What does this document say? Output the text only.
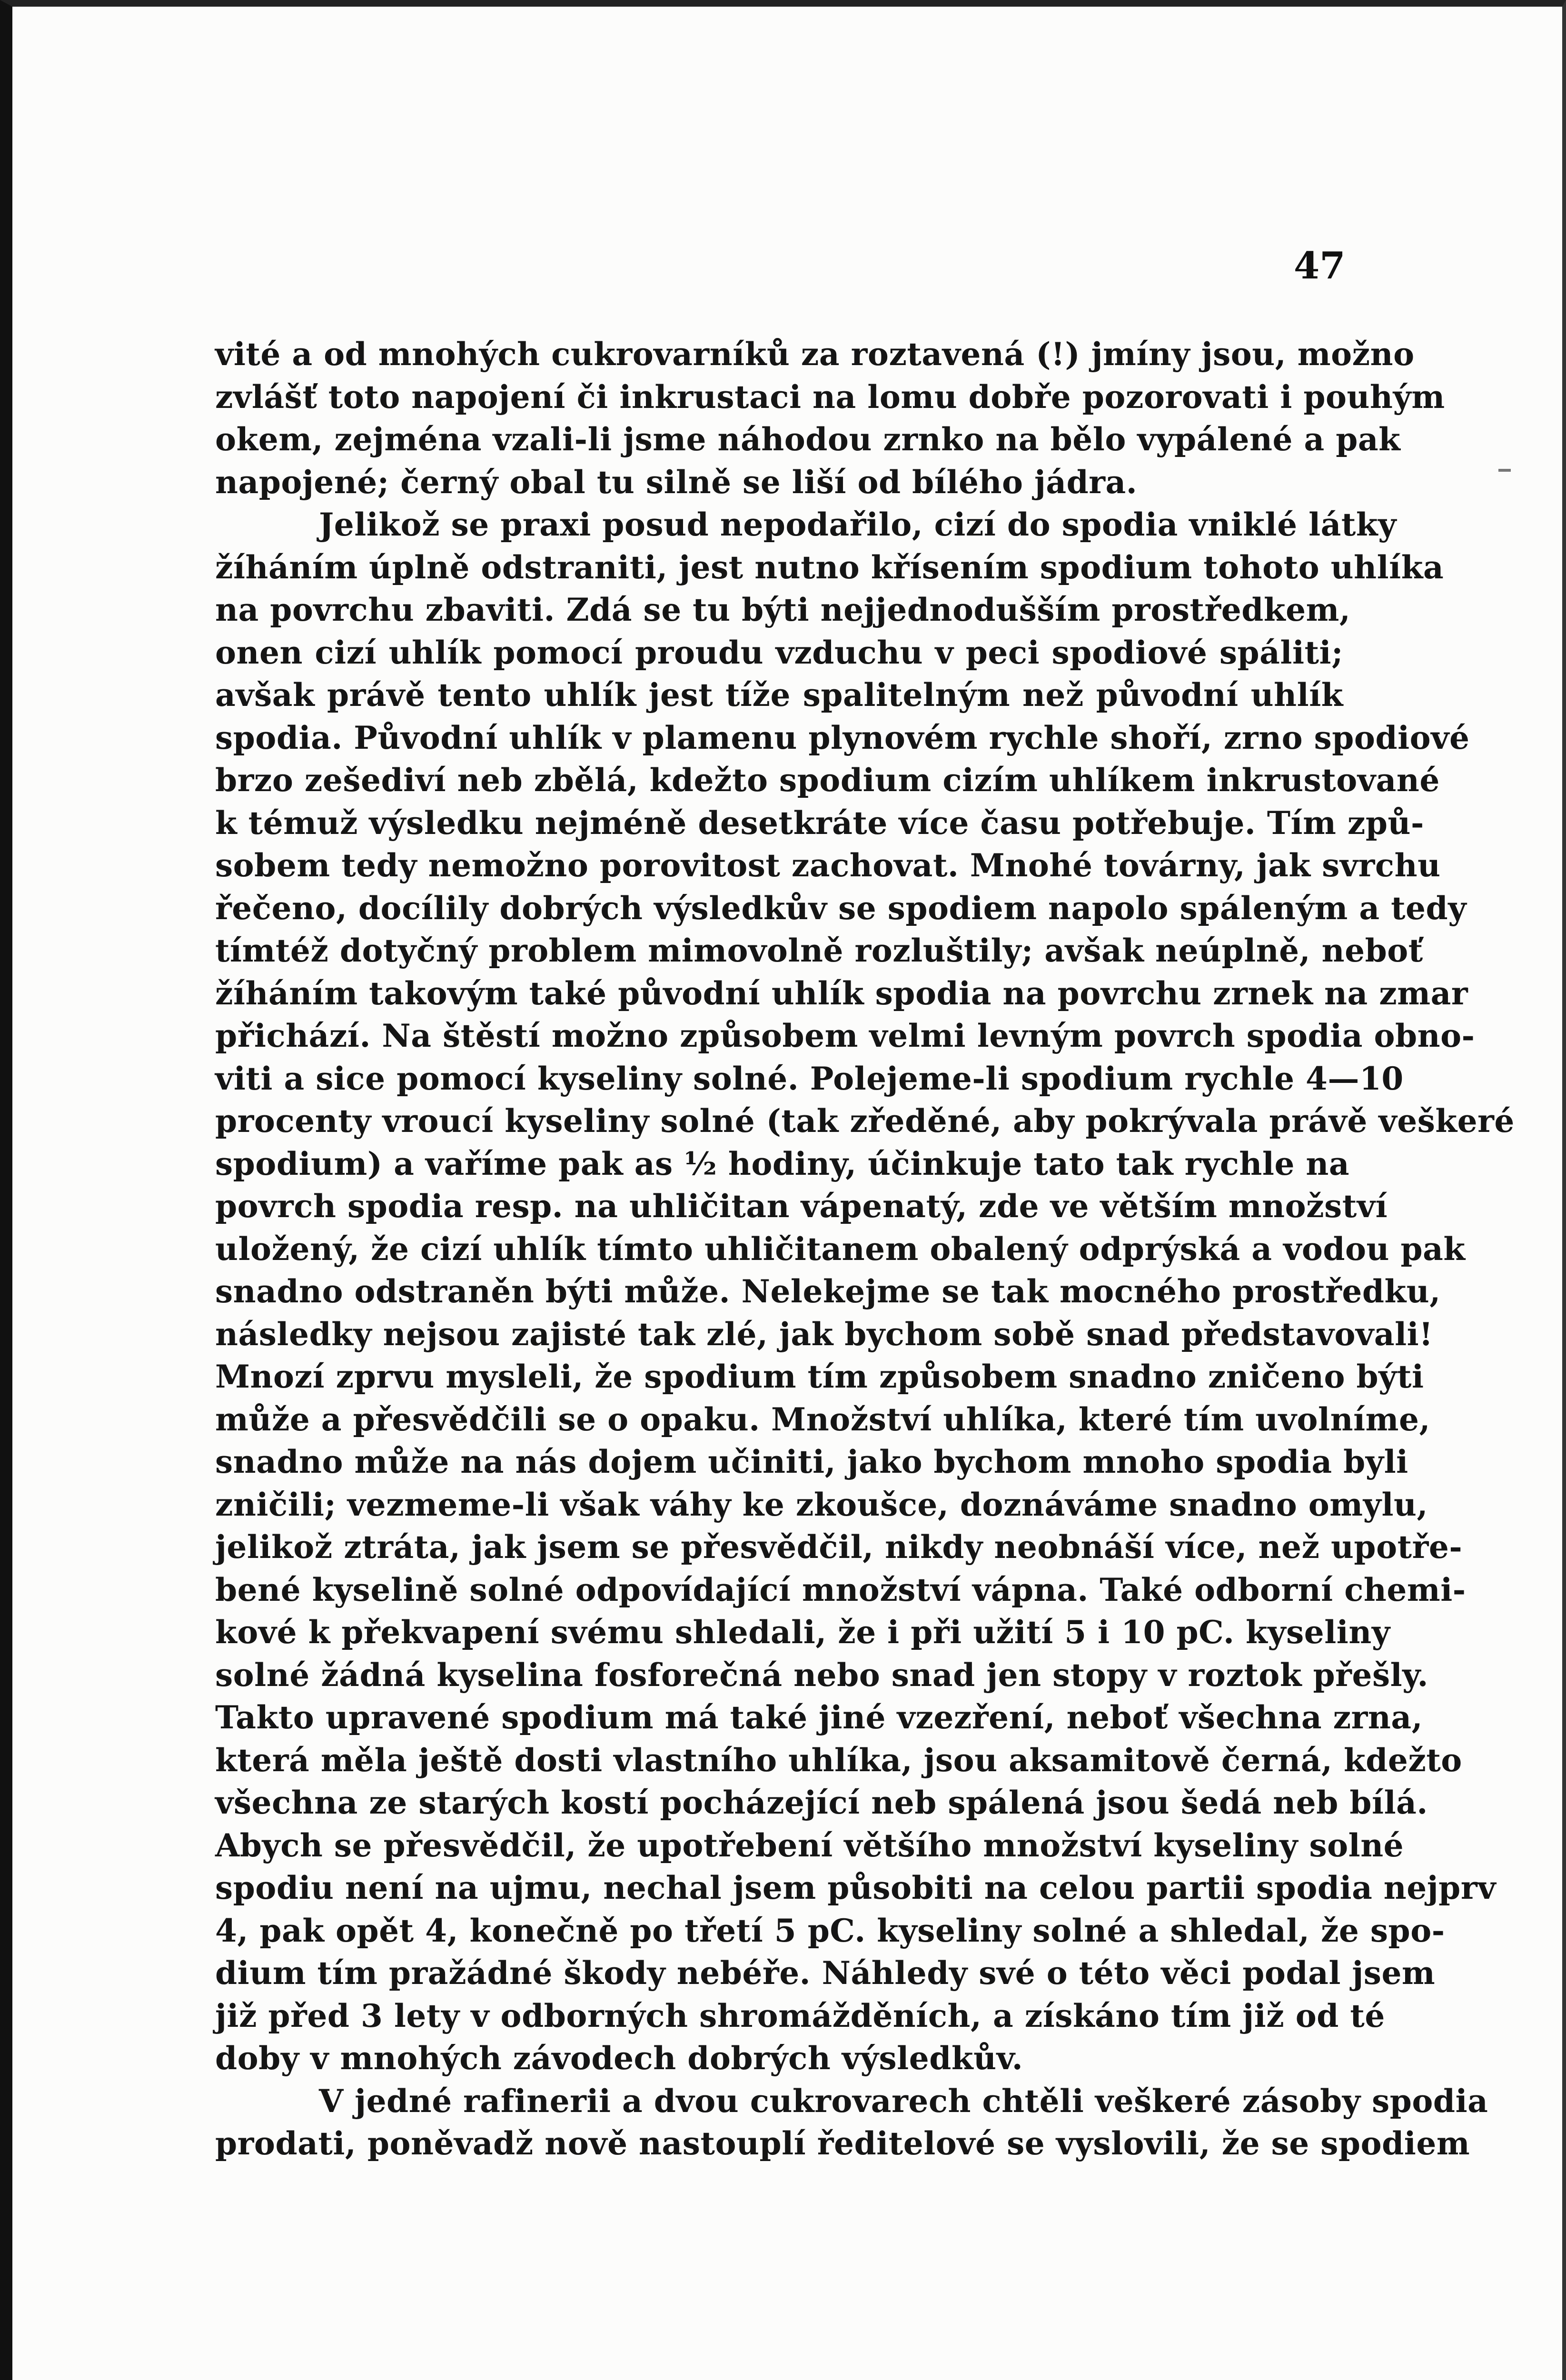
47
vité a od mnohých cukrovarníků za roztavená (!) jmíny jsou, možno
zvlášť toto napojení či inkrustaci na lomu dobře pozorovati i pouhým
okem, zejména vzali-li jsme náhodou zrnko na bělo vypálené a pak
napojené; černý obal tu silně se liší od bílého jádra.
Jelikož se praxi posud nepodařilo, cizí do spodia vniklé látky
žíháním úplně odstraniti, jest nutno křísením spodium tohoto uhlíka
na povrchu zbaviti. Zdá se tu býti nejjednodušším prostředkem,
onen cizí uhlík pomocí proudu vzduchu v peci spodiové spáliti;
avšak právě tento uhlík jest tíže spalitelným než původní uhlík
spodia. Původní uhlík v plamenu plynovém rychle shoří, zrno spodiové
brzo zešediví neb zbělá, kdežto spodium cizím uhlíkem inkrustované
k témuž výsledku nejméně desetkráte více času potřebuje. Tím způ-
sobem tedy nemožno porovitost zachovat. Mnohé továrny, jak svrchu
řečeno, docílily dobrých výsledkův se spodiem napolo spáleným a tedy
tímtéž dotyčný problem mimovolně rozluštily; avšak neúplně, neboť
žíháním takovým také původní uhlík spodia na povrchu zrnek na zmar
přichází. Na štěstí možno způsobem velmi levným povrch spodia obno-
viti a sice pomocí kyseliny solné. Polejeme-li spodium rychle 4—10
procenty vroucí kyseliny solné (tak zředěné, aby pokrývala právě veškeré
spodium) a vaříme pak as ½ hodiny, účinkuje tato tak rychle na
povrch spodia resp. na uhličitan vápenatý, zde ve větším množství
uložený, že cizí uhlík tímto uhličitanem obalený odprýská a vodou pak
snadno odstraněn býti může. Nelekejme se tak mocného prostředku,
následky nejsou zajisté tak zlé, jak bychom sobě snad představovali!
Mnozí zprvu mysleli, že spodium tím způsobem snadno zničeno býti
může a přesvědčili se o opaku. Množství uhlíka, které tím uvolníme,
snadno může na nás dojem učiniti, jako bychom mnoho spodia byli
zničili; vezmeme-li však váhy ke zkoušce, doznáváme snadno omylu,
jelikož ztráta, jak jsem se přesvědčil, nikdy neobnáší více, než upotře-
bené kyselině solné odpovídající množství vápna. Také odborní chemi-
kové k překvapení svému shledali, že i při užití 5 i 10 pC. kyseliny
solné žádná kyselina fosforečná nebo snad jen stopy v roztok přešly.
Takto upravené spodium má také jiné vzezření, neboť všechna zrna,
která měla ještě dosti vlastního uhlíka, jsou aksamitově černá, kdežto
všechna ze starých kostí pocházející neb spálená jsou šedá neb bílá.
Abych se přesvědčil, že upotřebení většího množství kyseliny solné
spodiu není na ujmu, nechal jsem působiti na celou partii spodia nejprv
4, pak opět 4, konečně po třetí 5 pC. kyseliny solné a shledal, že spo-
dium tím pražádné škody nebéře. Náhledy své o této věci podal jsem
již před 3 lety v odborných shromážděních, a získáno tím již od té
doby v mnohých závodech dobrých výsledkův.
V jedné rafinerii a dvou cukrovarech chtěli veškeré zásoby spodia
prodati, poněvadž nově nastouplí ředitelové se vyslovili, že se spodiem
